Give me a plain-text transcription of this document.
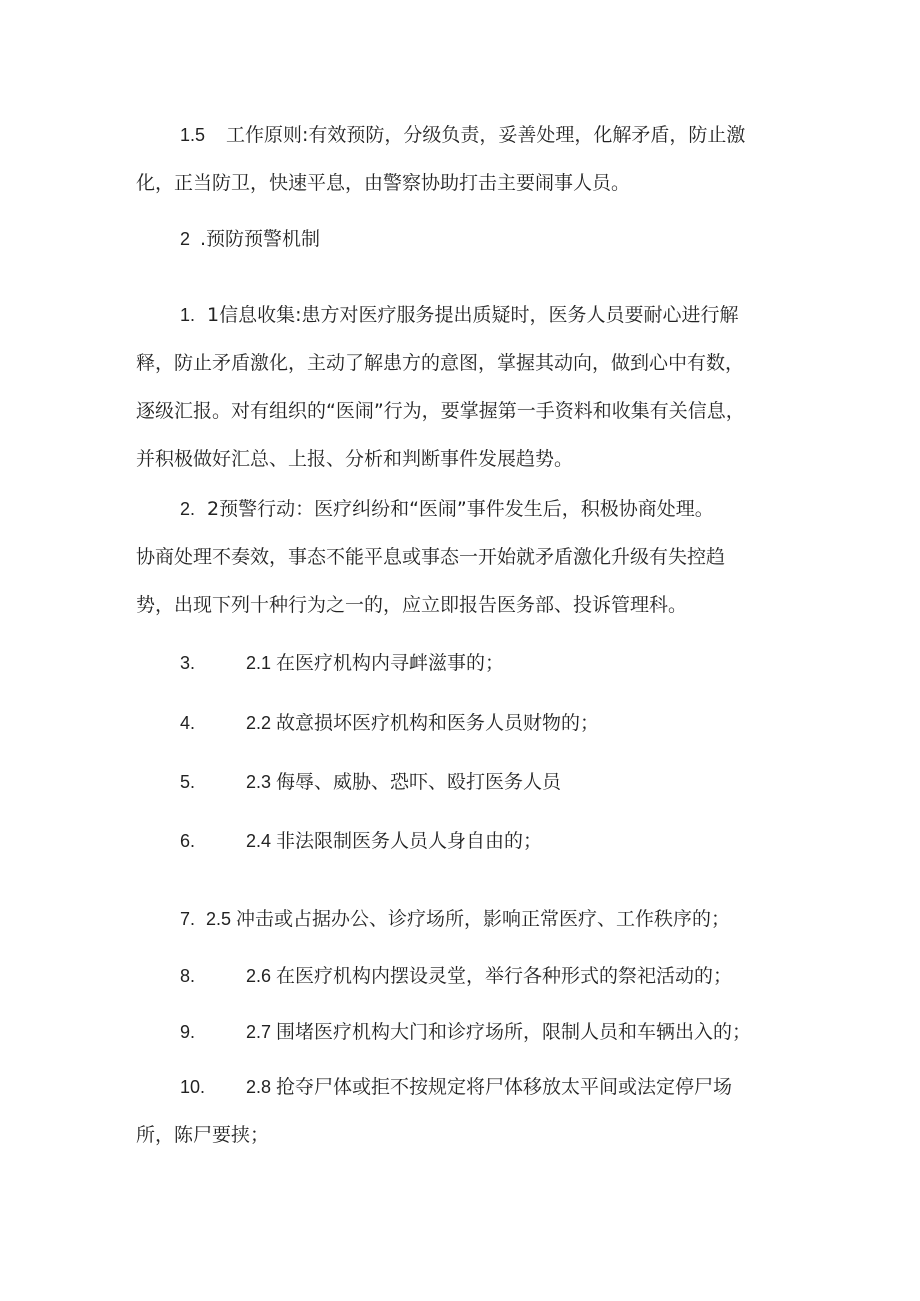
1.5 工作原则:有效预防，分级负责，妥善处理，化解矛盾，防止激
化，正当防卫，快速平息，由警察协助打击主要闹事人员。
2 .预防预警机制
1. 1信息收集:患方对医疗服务提出质疑时，医务人员要耐心进行解
释，防止矛盾激化，主动了解患方的意图，掌握其动向，做到心中有数，
逐级汇报。对有组织的“医闹”行为，要掌握第一手资料和收集有关信息，
并积极做好汇总、上报、分析和判断事件发展趋势。
2. 2预警行动：医疗纠纷和“医闹”事件发生后，积极协商处理。
协商处理不奏效，事态不能平息或事态一开始就矛盾激化升级有失控趋
势，出现下列十种行为之一的，应立即报告医务部、投诉管理科。
3.	2.1 在医疗机构内寻衅滋事的；
4.	2.2 故意损坏医疗机构和医务人员财物的；
5.	2.3 侮辱、威胁、恐吓、殴打医务人员
6.	2.4 非法限制医务人员人身自由的；
7. 2.5 冲击或占据办公、诊疗场所，影响正常医疗、工作秩序的；
8.	2.6 在医疗机构内摆设灵堂，举行各种形式的祭祀活动的；
9.	2.7 围堵医疗机构大门和诊疗场所，限制人员和车辆出入的；
10. 2.8 抢夺尸体或拒不按规定将尸体移放太平间或法定停尸场
所，陈尸要挟；
